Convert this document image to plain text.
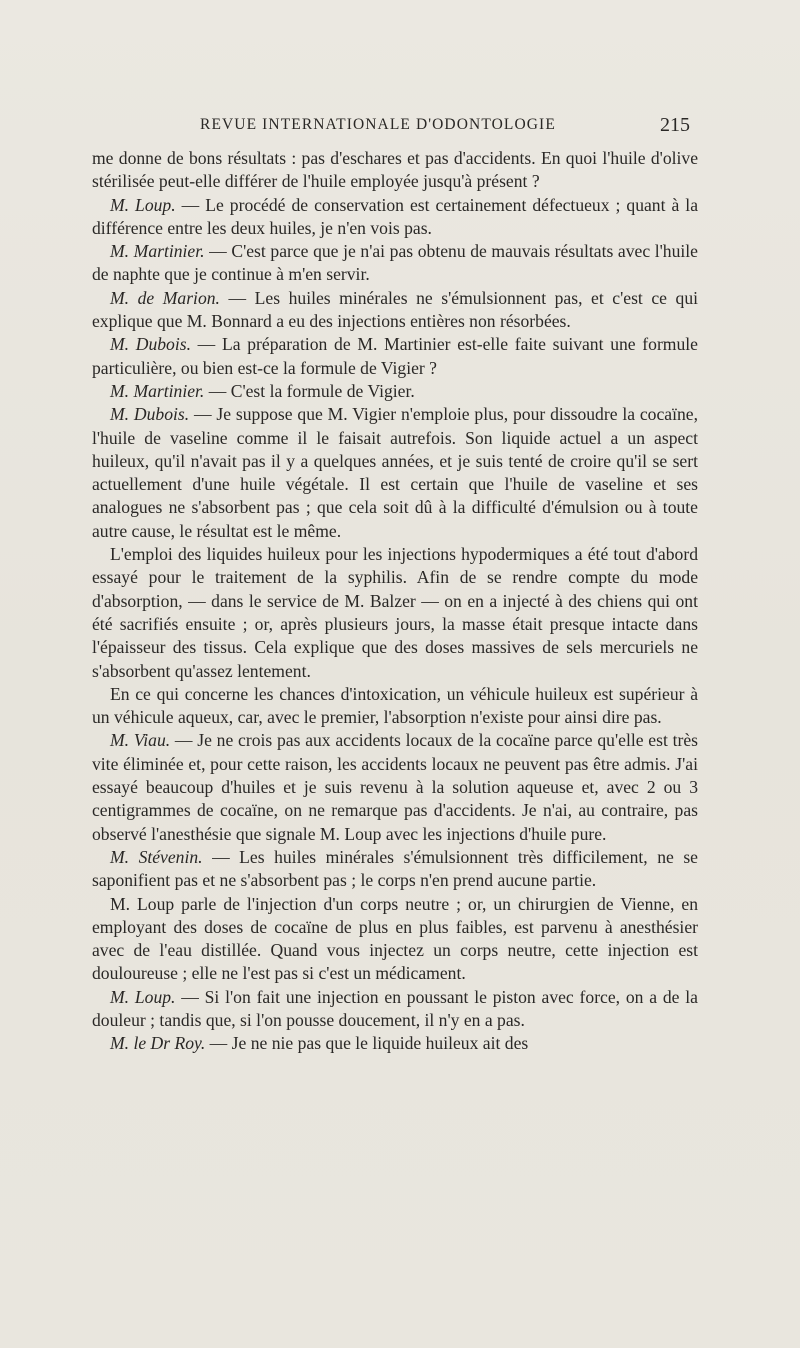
REVUE INTERNATIONALE D'ODONTOLOGIE	215

me donne de bons résultats : pas d'eschares et pas d'accidents. En quoi l'huile d'olive stérilisée peut-elle différer de l'huile employée jusqu'à présent ?

M. Loup. — Le procédé de conservation est certainement défectueux ; quant à la différence entre les deux huiles, je n'en vois pas.

M. Martinier. — C'est parce que je n'ai pas obtenu de mauvais résultats avec l'huile de naphte que je continue à m'en servir.

M. de Marion. — Les huiles minérales ne s'émulsionnent pas, et c'est ce qui explique que M. Bonnard a eu des injections entières non résorbées.

M. Dubois. — La préparation de M. Martinier est-elle faite suivant une formule particulière, ou bien est-ce la formule de Vigier ?

M. Martinier. — C'est la formule de Vigier.

M. Dubois. — Je suppose que M. Vigier n'emploie plus, pour dissoudre la cocaïne, l'huile de vaseline comme il le faisait autrefois. Son liquide actuel a un aspect huileux, qu'il n'avait pas il y a quelques années, et je suis tenté de croire qu'il se sert actuellement d'une huile végétale. Il est certain que l'huile de vaseline et ses analogues ne s'absorbent pas ; que cela soit dû à la difficulté d'émulsion ou à toute autre cause, le résultat est le même.

L'emploi des liquides huileux pour les injections hypodermiques a été tout d'abord essayé pour le traitement de la syphilis. Afin de se rendre compte du mode d'absorption, — dans le service de M. Balzer — on en a injecté à des chiens qui ont été sacrifiés ensuite ; or, après plusieurs jours, la masse était presque intacte dans l'épaisseur des tissus. Cela explique que des doses massives de sels mercuriels ne s'absorbent qu'assez lentement.

En ce qui concerne les chances d'intoxication, un véhicule huileux est supérieur à un véhicule aqueux, car, avec le premier, l'absorption n'existe pour ainsi dire pas.

M. Viau. — Je ne crois pas aux accidents locaux de la cocaïne parce qu'elle est très vite éliminée et, pour cette raison, les accidents locaux ne peuvent pas être admis. J'ai essayé beaucoup d'huiles et je suis revenu à la solution aqueuse et, avec 2 ou 3 centigrammes de cocaïne, on ne remarque pas d'accidents. Je n'ai, au contraire, pas observé l'anesthésie que signale M. Loup avec les injections d'huile pure.

M. Stévenin. — Les huiles minérales s'émulsionnent très difficilement, ne se saponifient pas et ne s'absorbent pas ; le corps n'en prend aucune partie.

M. Loup parle de l'injection d'un corps neutre ; or, un chirurgien de Vienne, en employant des doses de cocaïne de plus en plus faibles, est parvenu à anesthésier avec de l'eau distillée. Quand vous injectez un corps neutre, cette injection est douloureuse ; elle ne l'est pas si c'est un médicament.

M. Loup. — Si l'on fait une injection en poussant le piston avec force, on a de la douleur ; tandis que, si l'on pousse doucement, il n'y en a pas.

M. le Dr Roy. — Je ne nie pas que le liquide huileux ait des
